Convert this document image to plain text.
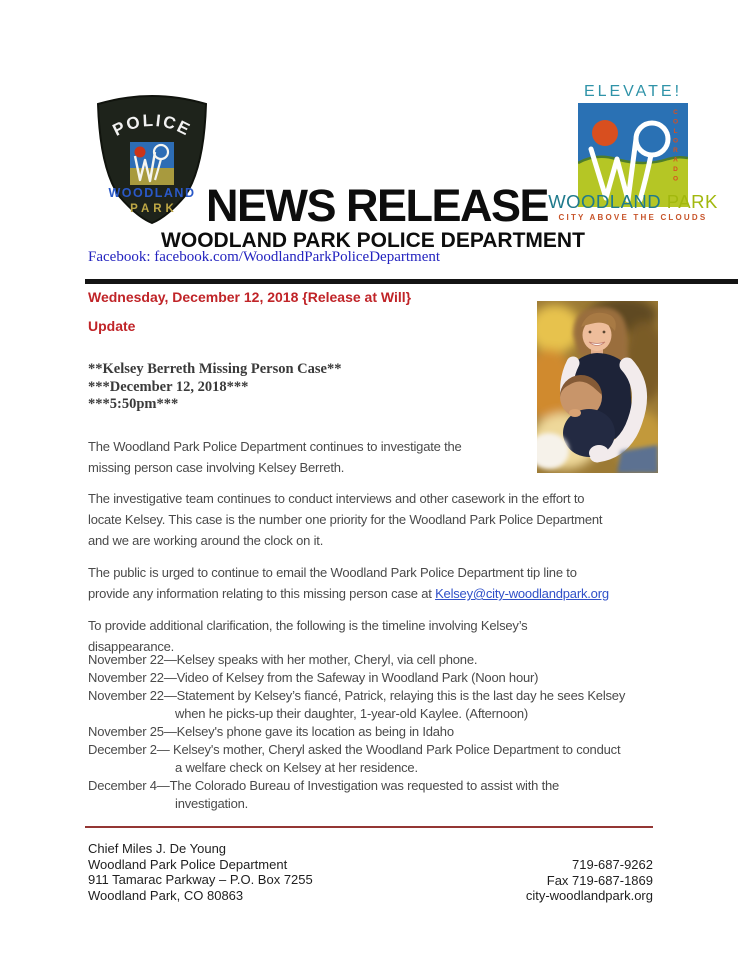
POLICE
WOODLAND
PARK NEWS RELEASE
WOODLAND PARK POLICE DEPARTMENT
Facebook: facebook.com/WoodlandParkPoliceDepartment
ELEVATE!
COLORADO
WOODLAND PARK
CITY ABOVE THE CLOUDS
Wednesday, December 12, 2018 {Release at Will}
Update
**Kelsey Berreth Missing Person Case**
***December 12, 2018***
***5:50pm***
The Woodland Park Police Department continues to investigate the
missing person case involving Kelsey Berreth.
The investigative team continues to conduct interviews and other casework in the effort to
locate Kelsey. This case is the number one priority for the Woodland Park Police Department
and we are working around the clock on it.
The public is urged to continue to email the Woodland Park Police Department tip line to
provide any information relating to this missing person case at Kelsey@city-woodlandpark.org
To provide additional clarification, the following is the timeline involving Kelsey’s
disappearance.
November 22—Kelsey speaks with her mother, Cheryl, via cell phone.
November 22—Video of Kelsey from the Safeway in Woodland Park (Noon hour)
November 22—Statement by Kelsey’s fiancé, Patrick, relaying this is the last day he sees Kelsey
when he picks-up their daughter, 1-year-old Kaylee. (Afternoon)
November 25—Kelsey's phone gave its location as being in Idaho
December 2— Kelsey's mother, Cheryl asked the Woodland Park Police Department to conduct
a welfare check on Kelsey at her residence.
December 4—The Colorado Bureau of Investigation was requested to assist with the
investigation.
Chief Miles J. De Young
Woodland Park Police Department
911 Tamarac Parkway – P.O. Box 7255
Woodland Park, CO 80863
719-687-9262
Fax 719-687-1869
city-woodlandpark.org
